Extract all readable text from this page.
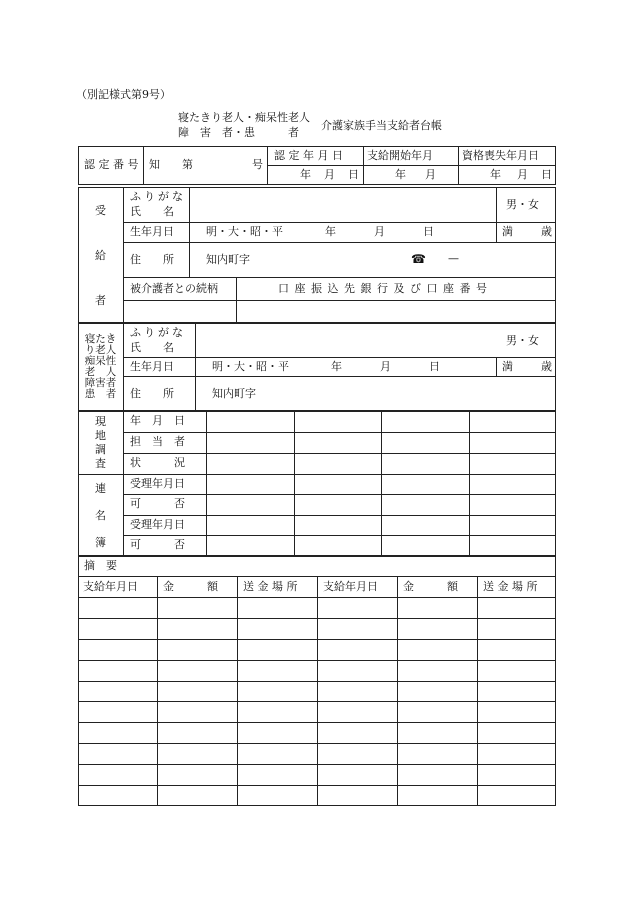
（別記様式第9号）
寝たきり老人・痴呆性老人
障　害　者・患　　　者
介護家族手当支給者台帳
認 定 番 号 知 第	号
認 定 年 月 日 支給開始年月	資格喪失年月日
年 月 日	年 月	年 月 日
受
給
者
ふりがな
氏　　名
男・女
生年月日	明・大・昭・平	年	月	日	満	歳
住　　所	知内町字	☎ —
被介護者との続柄	口 座 振 込 先 銀 行 及 び 口 座 番 号
寝たき
り老人
痴呆性
老　人
障害者
患　者
ふりがな
氏　　名
男・女
生年月日	明・大・昭・平	年	月	日	満	歳
住　　所	知内町字
現
地
調
査
連
名
簿
年　月　日
担　当　者
状　　　況
受理年月日
可　　　否
受理年月日
可　　　否
摘　要
支給年月日 金　　　額 送 金 場 所 支給年月日 金　　　額 送 金 場 所
